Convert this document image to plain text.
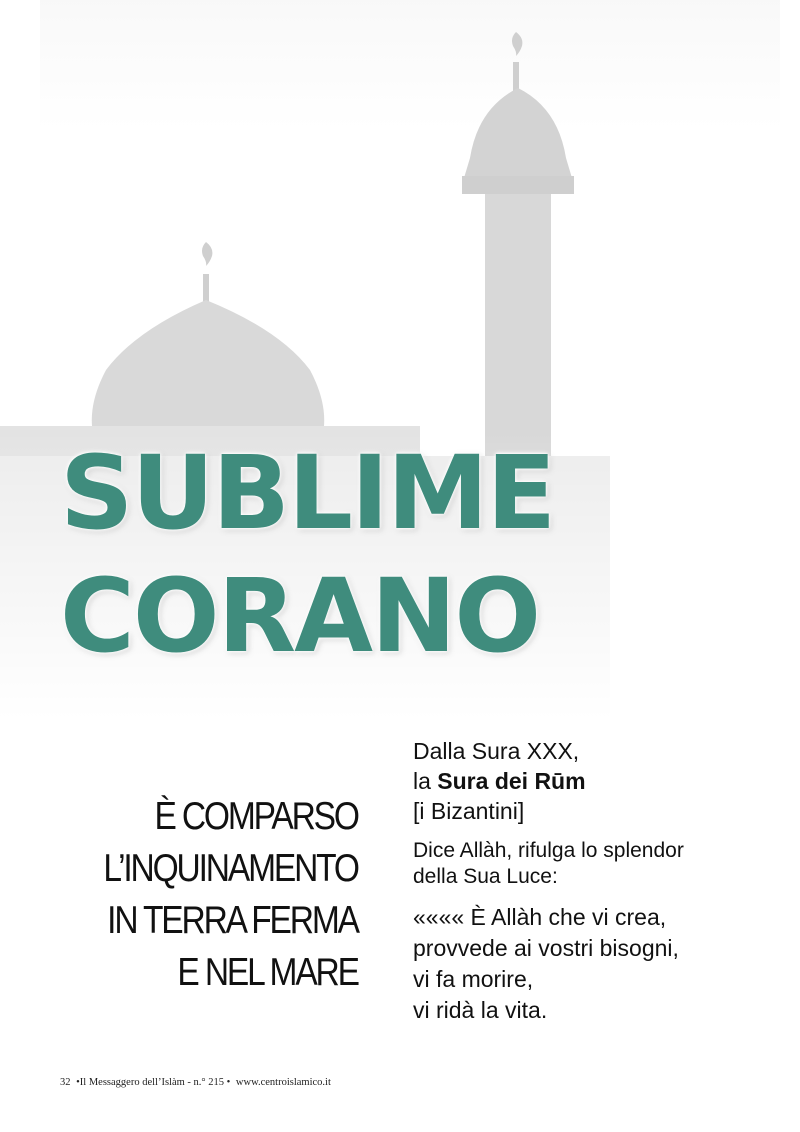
SUBLIME
CORANO
È COMPARSO
L’INQUINAMENTO
IN TERRA FERMA
E NEL MARE

Dalla Sura XXX,
la Sura dei Rūm
[i Bizantini]

Dice Allàh, rifulga lo splendor
della Sua Luce:

«««« È Allàh che vi crea,
provvede ai vostri bisogni,
vi fa morire,
vi ridà la vita.

32 •Il Messaggero dell’Islàm - n.° 215 • www.centroislamico.it
